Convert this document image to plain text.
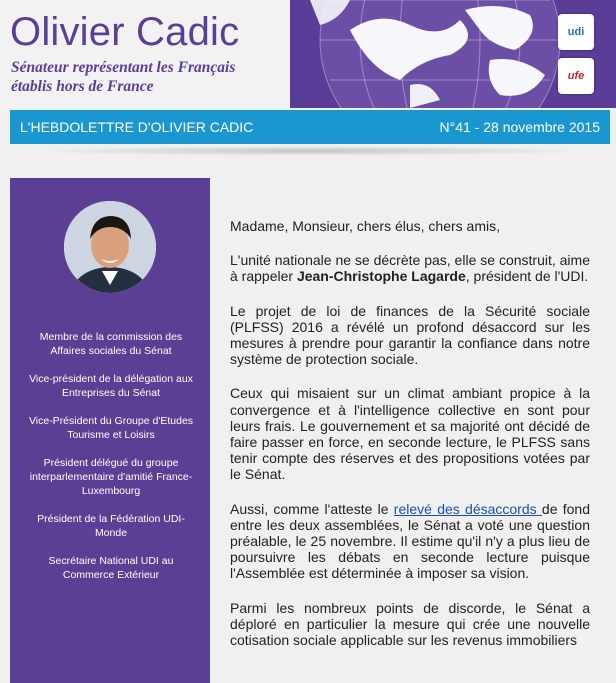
Olivier Cadic
Sénateur représentant les Français
établis hors de France
udi
ufe
L'HEBDOLETTRE D'OLIVIER CADIC	N°41 - 28 novembre 2015
Membre de la commission des Affaires sociales du Sénat
Vice-président de la délégation aux Entreprises du Sénat
Vice-Président du Groupe d'Etudes Tourisme et Loisirs
Président délégué du groupe interparlementaire d'amitié France-Luxembourg
Président de la Fédération UDI-Monde
Secrétaire National UDI au Commerce Extérieur

Madame, Monsieur, chers élus, chers amis,

L'unité nationale ne se décrète pas, elle se construit, aime à rappeler Jean-Christophe Lagarde, président de l'UDI.

Le projet de loi de finances de la Sécurité sociale (PLFSS) 2016 a révélé un profond désaccord sur les mesures à prendre pour garantir la confiance dans notre système de protection sociale.

Ceux qui misaient sur un climat ambiant propice à la convergence et à l'intelligence collective en sont pour leurs frais. Le gouvernement et sa majorité ont décidé de faire passer en force, en seconde lecture, le PLFSS sans tenir compte des réserves et des propositions votées par le Sénat.

Aussi, comme l'atteste le relevé des désaccords de fond entre les deux assemblées, le Sénat a voté une question préalable, le 25 novembre. Il estime qu'il n'y a plus lieu de poursuivre les débats en seconde lecture puisque l'Assemblée est déterminée à imposer sa vision.

Parmi les nombreux points de discorde, le Sénat a déploré en particulier la mesure qui crée une nouvelle cotisation sociale applicable sur les revenus immobiliers
